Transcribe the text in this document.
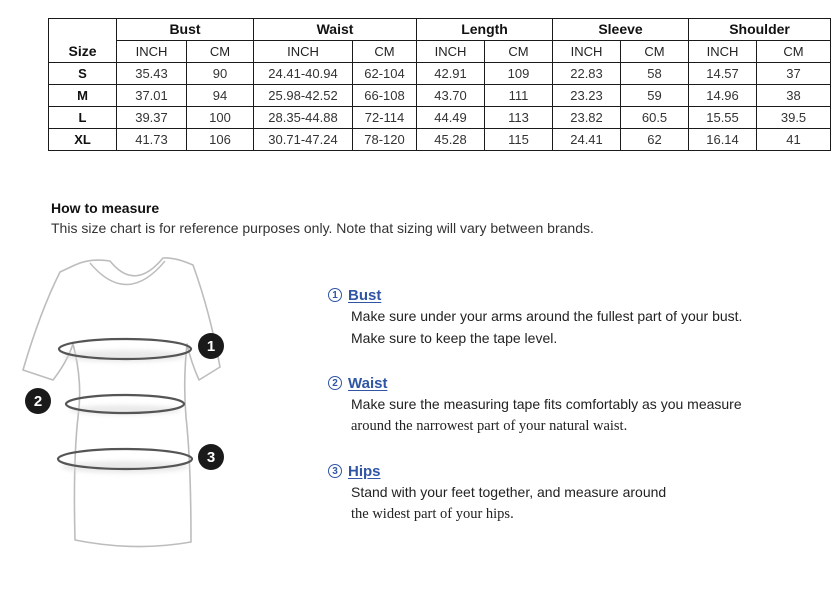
Size	Bust		Waist		Length		Sleeve		Shoulder	
	INCH	CM	INCH	CM	INCH	CM	INCH	CM	INCH	CM
S	35.43	90	24.41-40.94	62-104	42.91	109	22.83	58	14.57	37
M	37.01	94	25.98-42.52	66-108	43.70	111	23.23	59	14.96	38
L	39.37	100	28.35-44.88	72-114	44.49	113	23.82	60.5	15.55	39.5
XL	41.73	106	30.71-47.24	78-120	45.28	115	24.41	62	16.14	41
How to measure
This size chart is for reference purposes only. Note that sizing will vary between brands.
1
2
3
1 Bust
Make sure under your arms around the fullest part of your bust.
Make sure to keep the tape level.
2 Waist
Make sure the measuring tape fits comfortably as you measure
around the narrowest part of your natural waist.
3 Hips
Stand with your feet together, and measure around
the widest part of your hips.
